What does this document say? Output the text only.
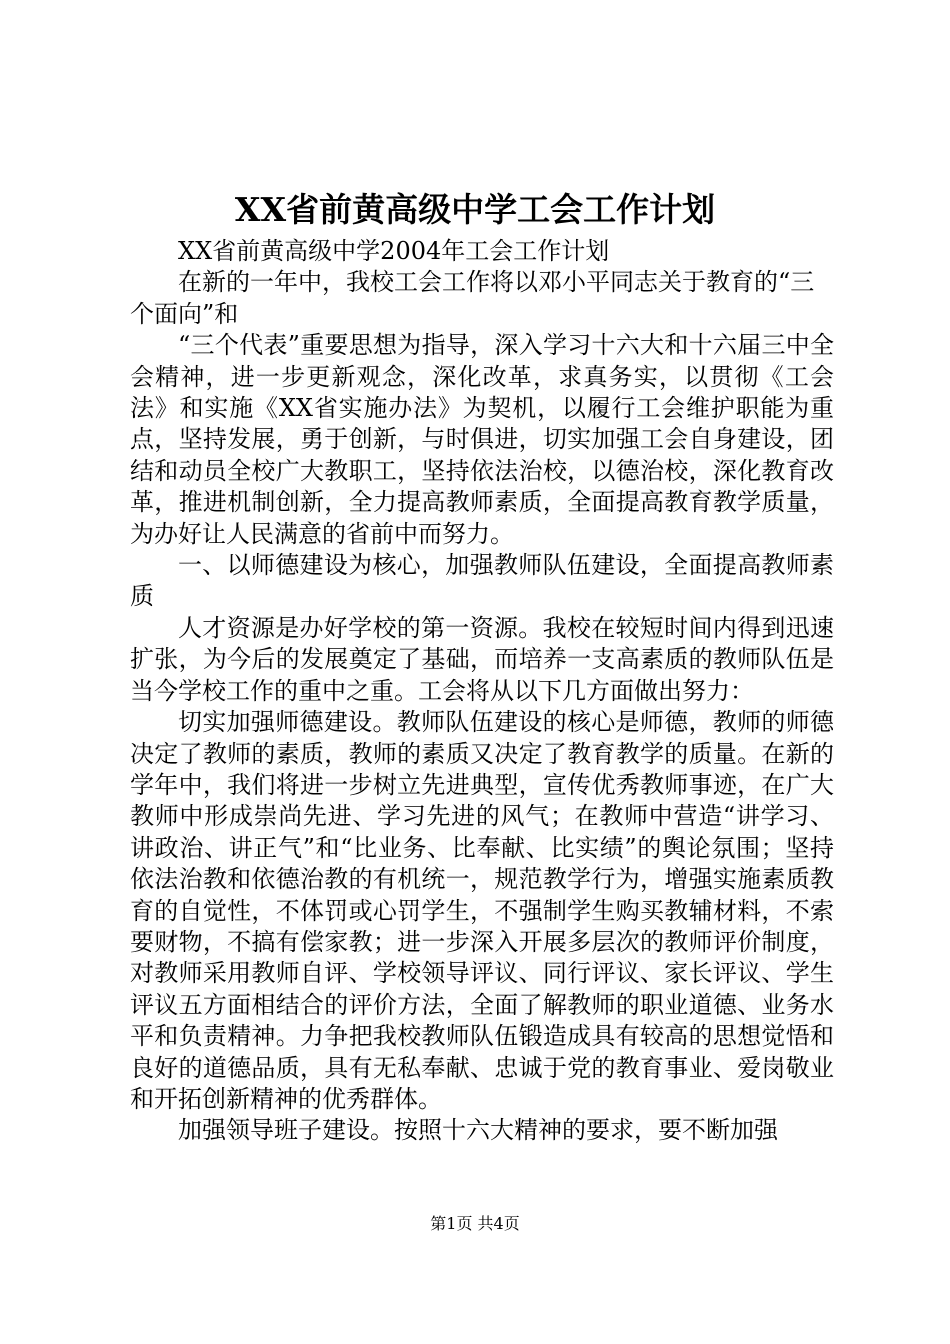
XX省前黄高级中学工会工作计划

XX省前黄高级中学2004年工会工作计划

在新的一年中，我校工会工作将以邓小平同志关于教育的“三个面向”和

“三个代表”重要思想为指导，深入学习十六大和十六届三中全会精神，进一步更新观念，深化改革，求真务实，以贯彻《工会法》和实施《XX省实施办法》为契机，以履行工会维护职能为重点，坚持发展，勇于创新，与时俱进，切实加强工会自身建设，团结和动员全校广大教职工，坚持依法治校，以德治校，深化教育改革，推进机制创新，全力提高教师素质，全面提高教育教学质量，为办好让人民满意的省前中而努力。

一、以师德建设为核心，加强教师队伍建设，全面提高教师素质

人才资源是办好学校的第一资源。我校在较短时间内得到迅速扩张，为今后的发展奠定了基础，而培养一支高素质的教师队伍是当今学校工作的重中之重。工会将从以下几方面做出努力：

切实加强师德建设。教师队伍建设的核心是师德，教师的师德决定了教师的素质，教师的素质又决定了教育教学的质量。在新的学年中，我们将进一步树立先进典型，宣传优秀教师事迹，在广大教师中形成崇尚先进、学习先进的风气；在教师中营造“讲学习、讲政治、讲正气”和“比业务、比奉献、比实绩”的舆论氛围；坚持依法治教和依德治教的有机统一，规范教学行为，增强实施素质教育的自觉性，不体罚或心罚学生，不强制学生购买教辅材料，不索要财物，不搞有偿家教；进一步深入开展多层次的教师评价制度，对教师采用教师自评、学校领导评议、同行评议、家长评议、学生评议五方面相结合的评价方法，全面了解教师的职业道德、业务水平和负责精神。力争把我校教师队伍锻造成具有较高的思想觉悟和良好的道德品质，具有无私奉献、忠诚于党的教育事业、爱岗敬业和开拓创新精神的优秀群体。

加强领导班子建设。按照十六大精神的要求，要不断加强

第1页 共4页
